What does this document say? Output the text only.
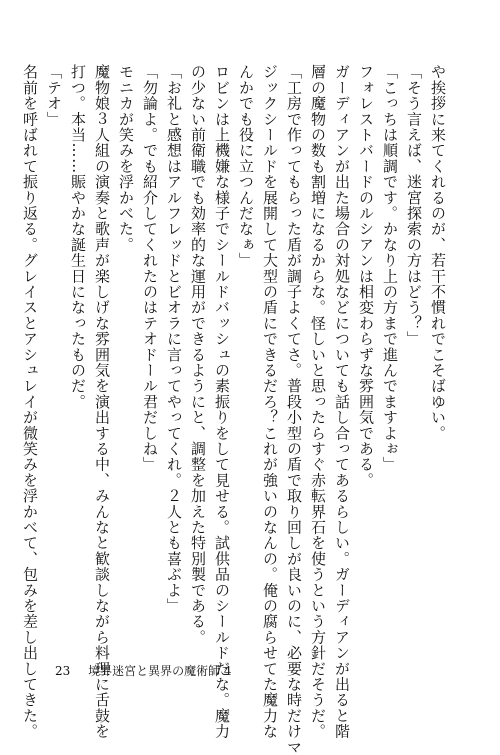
や挨拶に来てくれるのが、若干不慣れでこそばゆい。
「そう言えば、迷宮探索の方はどう？」
「こっちは順調です。かなり上の方まで進んでますよぉ」
フォレストバードのルシアンは相変わらずな雰囲気である。
ガーディアンが出た場合の対処などについても話し合ってあるらしい。ガーディアンが出ると階
層の魔物の数も割増になるからな。怪しいと思ったらすぐ赤転界石を使うという方針だそうだ。
「工房で作ってもらった盾が調子よくてさ。普段小型の盾で取り回しが良いのに、必要な時だけマ
ジックシールドを展開して大型の盾にできるだろ？これが強いのなんの。俺の腐らせてた魔力な
んかでも役に立つんだなぁ」
ロビンは上機嫌な様子でシールドバッシュの素振りをして見せる。試供品のシールドだな。魔力
の少ない前衛職でも効率的な運用ができるようにと、調整を加えた特別製である。
「お礼と感想はアルフレッドとビオラに言ってやってくれ。２人とも喜ぶよ」
「勿論よ。でも紹介してくれたのはテオドール君だしね」
モニカが笑みを浮かべた。
魔物娘３人組の演奏と歌声が楽しげな雰囲気を演出する中、みんなと歓談しながら料理に舌鼓を
打つ。本当……賑やかな誕生日になったものだ。
「テオ」
名前を呼ばれて振り返る。グレイスとアシュレイが微笑みを浮かべて、包みを差し出してきた。 23 境界迷宮と異界の魔術師 4
